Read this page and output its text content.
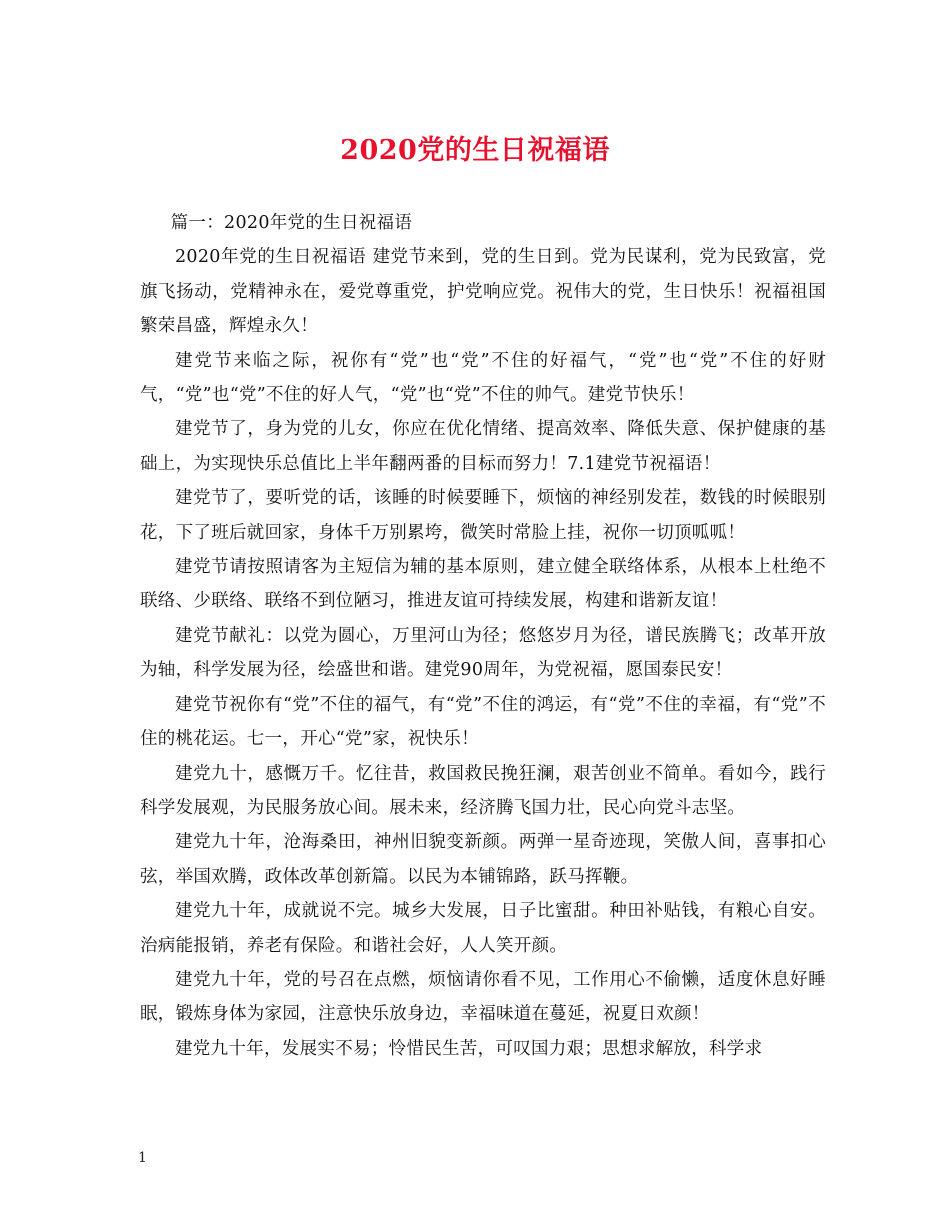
2020党的生日祝福语

篇一：2020年党的生日祝福语

2020年党的生日祝福语 建党节来到，党的生日到。党为民谋利，党为民致富，党旗飞扬动，党精神永在，爱党尊重党，护党响应党。祝伟大的党，生日快乐！祝福祖国繁荣昌盛，辉煌永久！

建党节来临之际，祝你有“党”也“党”不住的好福气，“党”也“党”不住的好财气，“党”也“党”不住的好人气，“党”也“党”不住的帅气。建党节快乐！

建党节了，身为党的儿女，你应在优化情绪、提高效率、降低失意、保护健康的基础上，为实现快乐总值比上半年翻两番的目标而努力！7.1建党节祝福语！

建党节了，要听党的话，该睡的时候要睡下，烦恼的神经别发茬，数钱的时候眼别花，下了班后就回家，身体千万别累垮，微笑时常脸上挂，祝你一切顶呱呱！

建党节请按照请客为主短信为辅的基本原则，建立健全联络体系，从根本上杜绝不联络、少联络、联络不到位陋习，推进友谊可持续发展，构建和谐新友谊！

建党节献礼：以党为圆心，万里河山为径；悠悠岁月为径，谱民族腾飞；改革开放为轴，科学发展为径，绘盛世和谐。建党90周年，为党祝福，愿国泰民安！

建党节祝你有“党”不住的福气，有“党”不住的鸿运，有“党”不住的幸福，有“党”不住的桃花运。七一，开心“党”家，祝快乐！

建党九十，感慨万千。忆往昔，救国救民挽狂澜，艰苦创业不简单。看如今，践行科学发展观，为民服务放心间。展未来，经济腾飞国力壮，民心向党斗志坚。

建党九十年，沧海桑田，神州旧貌变新颜。两弹一星奇迹现，笑傲人间，喜事扣心弦，举国欢腾，政体改革创新篇。以民为本铺锦路，跃马挥鞭。

建党九十年，成就说不完。城乡大发展，日子比蜜甜。种田补贴钱，有粮心自安。治病能报销，养老有保险。和谐社会好，人人笑开颜。

建党九十年，党的号召在点燃，烦恼请你看不见，工作用心不偷懒，适度休息好睡眠，锻炼身体为家园，注意快乐放身边，幸福味道在蔓延，祝夏日欢颜！

建党九十年，发展实不易；怜惜民生苦，可叹国力艰；思想求解放，科学求

1
